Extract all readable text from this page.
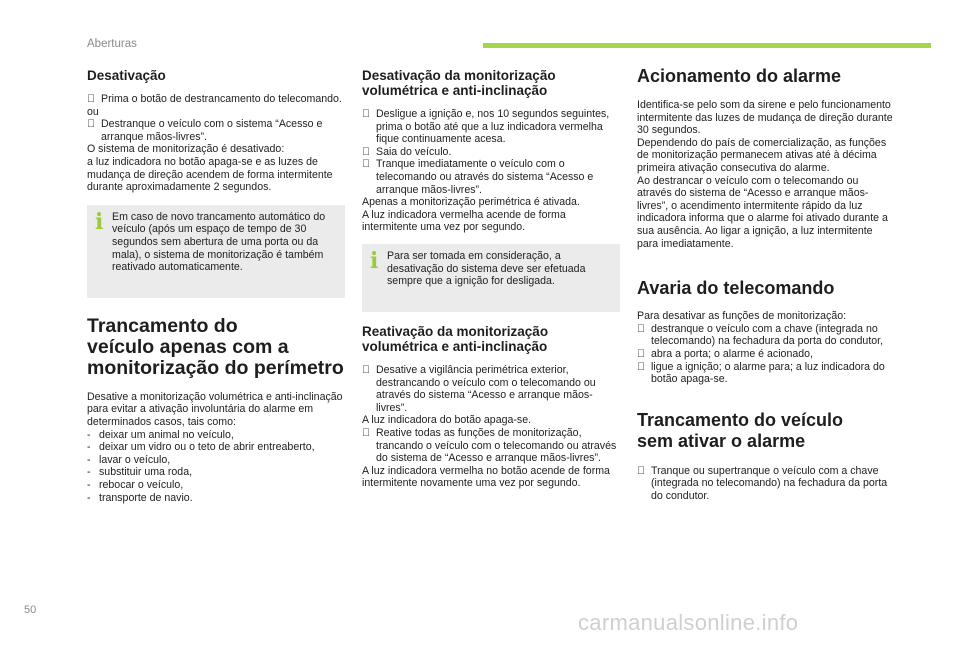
Aberturas
Desativação

Prima o botão de destrancamento do telecomando.

ou

Destranque o veículo com o sistema “Acesso e arranque mãos-livres”.

O sistema de monitorização é desativado:

a luz indicadora no botão apaga-se e as luzes de mudança de direção acendem de forma intermitente durante aproximadamente 2 segundos.

i Em caso de novo trancamento automático do veículo (após um espaço de tempo de 30 segundos sem abertura de uma porta ou da mala), o sistema de monitorização é também reativado automaticamente.

Trancamento do
veículo apenas com a
monitorização do perímetro

Desative a monitorização volumétrica e anti-inclinação para evitar a ativação involuntária do alarme em determinados casos, tais como:

- deixar um animal no veículo,

- deixar um vidro ou o teto de abrir entreaberto,

- lavar o veículo,

- substituir uma roda,

- rebocar o veículo,

- transporte de navio.

Desativação da monitorização
volumétrica e anti-inclinação

Desligue a ignição e, nos 10 segundos seguintes, prima o botão até que a luz indicadora vermelha fique continuamente acesa.

Saia do veículo.

Tranque imediatamente o veículo com o telecomando ou através do sistema “Acesso e arranque mãos-livres”.

Apenas a monitorização perimétrica é ativada.

A luz indicadora vermelha acende de forma intermitente uma vez por segundo.

i Para ser tomada em consideração, a desativação do sistema deve ser efetuada sempre que a ignição for desligada.

Reativação da monitorização
volumétrica e anti-inclinação

Desative a vigilância perimétrica exterior, destrancando o veículo com o telecomando ou através do sistema “Acesso e arranque mãos-livres”.

A luz indicadora do botão apaga-se.

Reative todas as funções de monitorização, trancando o veículo com o telecomando ou através do sistema de “Acesso e arranque mãos-livres”.

A luz indicadora vermelha no botão acende de forma intermitente novamente uma vez por segundo.

Acionamento do alarme

Identifica-se pelo som da sirene e pelo funcionamento intermitente das luzes de mudança de direção durante 30 segundos.

Dependendo do país de comercialização, as funções de monitorização permanecem ativas até à décima primeira ativação consecutiva do alarme.

Ao destrancar o veículo com o telecomando ou através do sistema de “Acesso e arranque mãos-livres”, o acendimento intermitente rápido da luz indicadora informa que o alarme foi ativado durante a sua ausência. Ao ligar a ignição, a luz intermitente para imediatamente.

Avaria do telecomando

Para desativar as funções de monitorização:

destranque o veículo com a chave (integrada no telecomando) na fechadura da porta do condutor,

abra a porta; o alarme é acionado,

ligue a ignição; o alarme para; a luz indicadora do botão apaga-se.

Trancamento do veículo
sem ativar o alarme

Tranque ou supertranque o veículo com a chave (integrada no telecomando) na fechadura da porta do condutor.

50	carmanualsonline.info
